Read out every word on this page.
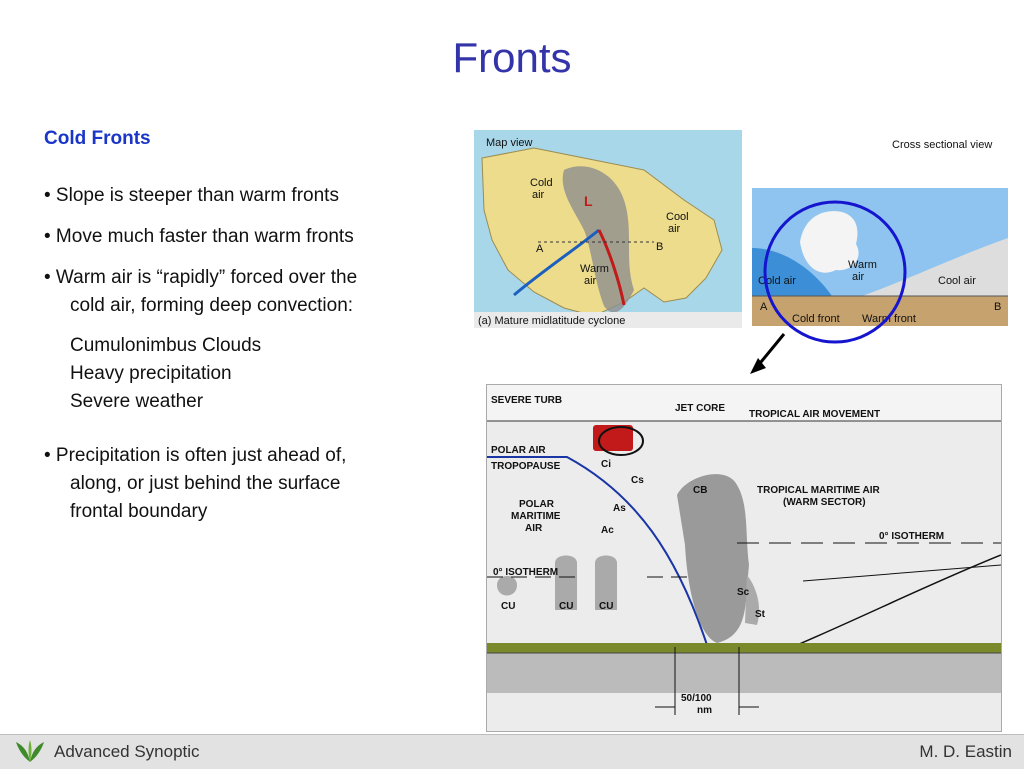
Fronts
Cold Fronts

• Slope is steeper than warm fronts

• Move much faster than warm fronts

• Warm air is “rapidly” forced over the
cold air, forming deep convection:

Cumulonimbus Clouds
Heavy precipitation
Severe weather

• Precipitation is often just ahead of,
along, or just behind the surface
frontal boundary

Map view
Cold
air	L
Cool
air
A	B
Warm
air
(a) Mature midlatitude cyclone
Cross sectional view
Warm
air
Cold air	Cool air
A	B
Cold front Warm front
SEVERE TURB
JET CORE
TROPICAL AIR MOVEMENT
POLAR AIR
TROPOPAUSE	Ci
Cs
CB
As
Ac
Sc
St
POLAR
MARITIME
AIR
TROPICAL MARITIME AIR
(WARM SECTOR)
0° ISOTHERM
0° ISOTHERM
CU	CU	CU
50/100
nm
Advanced Synoptic	M. D. Eastin
